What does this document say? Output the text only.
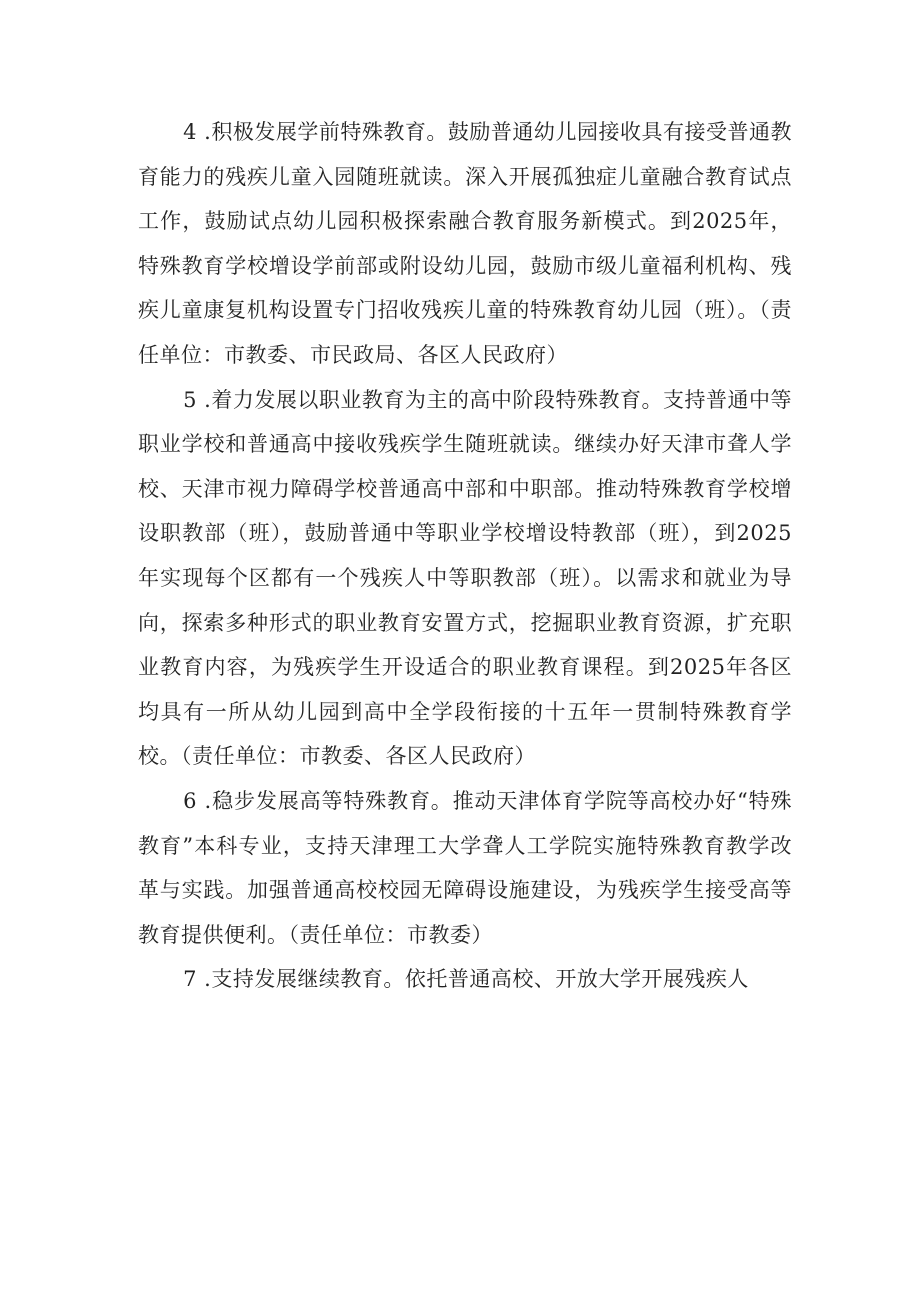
4 .积极发展学前特殊教育。鼓励普通幼儿园接收具有接受普通教育能力的残疾儿童入园随班就读。深入开展孤独症儿童融合教育试点工作，鼓励试点幼儿园积极探索融合教育服务新模式。到2025年，特殊教育学校增设学前部或附设幼儿园，鼓励市级儿童福利机构、残疾儿童康复机构设置专门招收残疾儿童的特殊教育幼儿园（班）。（责任单位：市教委、市民政局、各区人民政府）

5 .着力发展以职业教育为主的高中阶段特殊教育。支持普通中等职业学校和普通高中接收残疾学生随班就读。继续办好天津市聋人学校、天津市视力障碍学校普通高中部和中职部。推动特殊教育学校增设职教部（班），鼓励普通中等职业学校增设特教部（班），到2025年实现每个区都有一个残疾人中等职教部（班）。以需求和就业为导向，探索多种形式的职业教育安置方式，挖掘职业教育资源，扩充职业教育内容，为残疾学生开设适合的职业教育课程。到2025年各区均具有一所从幼儿园到高中全学段衔接的十五年一贯制特殊教育学校。（责任单位：市教委、各区人民政府）

6 .稳步发展高等特殊教育。推动天津体育学院等高校办好“特殊教育”本科专业，支持天津理工大学聋人工学院实施特殊教育教学改革与实践。加强普通高校校园无障碍设施建设，为残疾学生接受高等教育提供便利。（责任单位：市教委）

7 .支持发展继续教育。依托普通高校、开放大学开展残疾人
